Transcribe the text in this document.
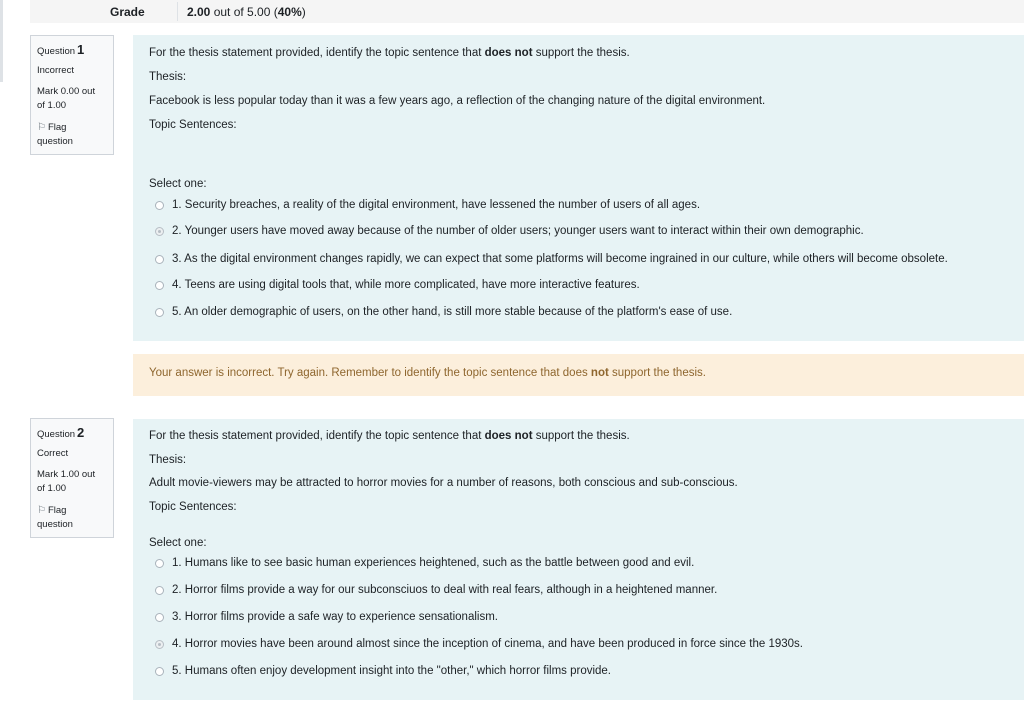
Grade	2.00 out of 5.00 (40%)
Question 1
Incorrect
Mark 0.00 out
of 1.00
⚐ Flag
question
For the thesis statement provided, identify the topic sentence that does not support the thesis.
Thesis:
Facebook is less popular today than it was a few years ago, a reflection of the changing nature of the digital environment.
Topic Sentences:
Select one:
1. Security breaches, a reality of the digital environment, have lessened the number of users of all ages.
2. Younger users have moved away because of the number of older users; younger users want to interact within their own demographic.
3. As the digital environment changes rapidly, we can expect that some platforms will become ingrained in our culture, while others will become obsolete.
4. Teens are using digital tools that, while more complicated, have more interactive features.
5. An older demographic of users, on the other hand, is still more stable because of the platform's ease of use.
Your answer is incorrect. Try again. Remember to identify the topic sentence that does not support the thesis.
Question 2
Correct
Mark 1.00 out
of 1.00
⚐ Flag
question
For the thesis statement provided, identify the topic sentence that does not support the thesis.
Thesis:
Adult movie-viewers may be attracted to horror movies for a number of reasons, both conscious and sub-conscious.
Topic Sentences:
Select one:
1. Humans like to see basic human experiences heightened, such as the battle between good and evil.
2. Horror films provide a way for our subconsciuos to deal with real fears, although in a heightened manner.
3. Horror films provide a safe way to experience sensationalism.
4. Horror movies have been around almost since the inception of cinema, and have been produced in force since the 1930s.
5. Humans often enjoy development insight into the "other," which horror films provide.
